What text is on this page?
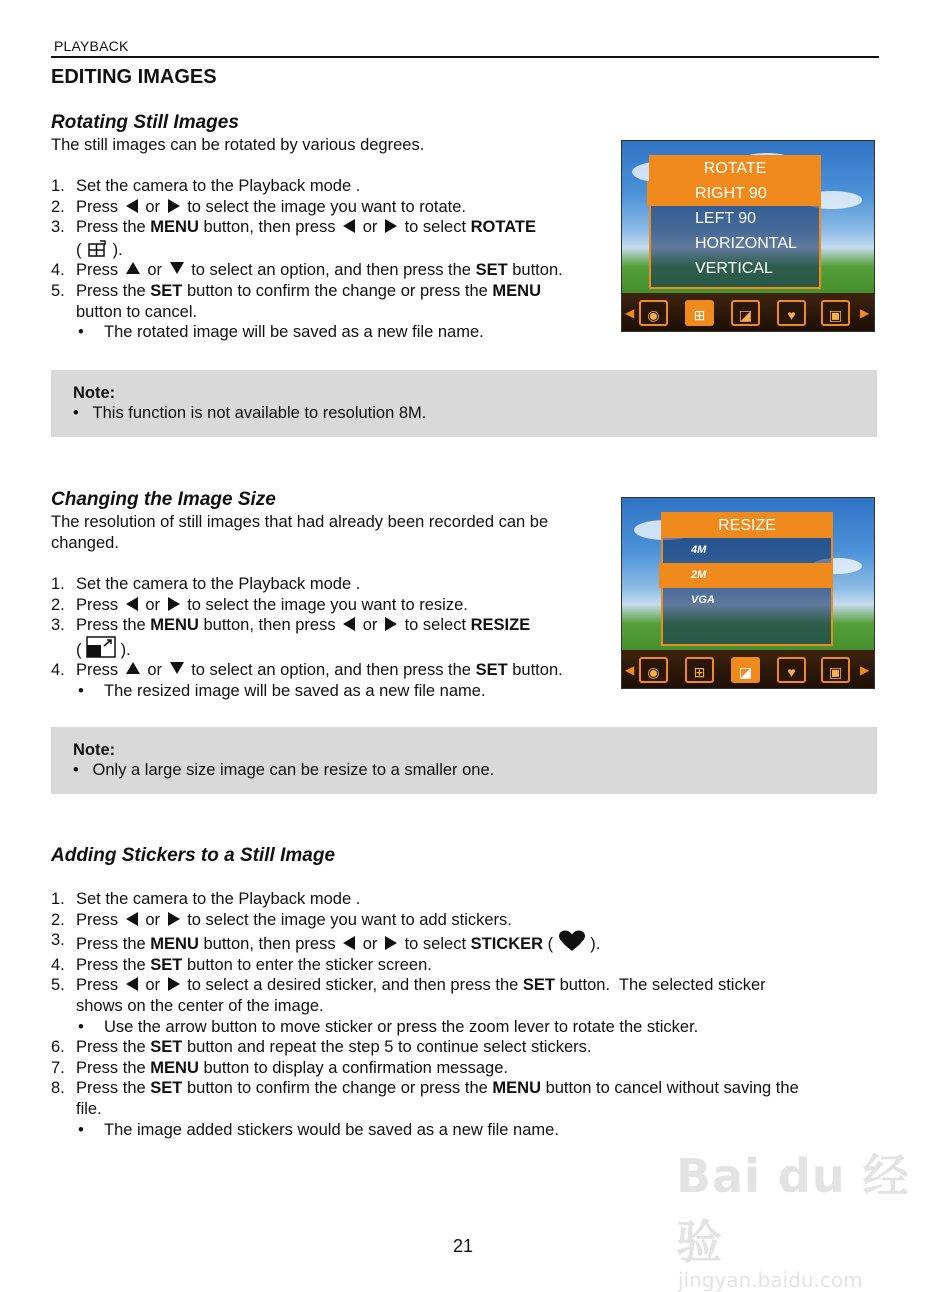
PLAYBACK
EDITING IMAGES
Rotating Still Images
The still images can be rotated by various degrees.
1. Set the camera to the Playback mode .
2. Press  or  to select the image you want to rotate.
3. Press the MENU button, then press  or  to select ROTATE
(  ).
4. Press  or  to select an option, and then press the SET button.
5. Press the SET button to confirm the change or press the MENU
button to cancel.
• The rotated image will be saved as a new file name.
ROTATE
RIGHT 90
LEFT 90
HORIZONTAL
VERTICAL
◀ ◉	⊞	◪	♥	▣	▶
Note:
•   This function is not available to resolution 8M.
Changing the Image Size
The resolution of still images that had already been recorded can be
changed.
1. Set the camera to the Playback mode .
2. Press  or  to select the image you want to resize.
3. Press the MENU button, then press  or  to select RESIZE
(  ).
4. Press  or  to select an option, and then press the SET button.
• The resized image will be saved as a new file name.
RESIZE
4M
2M
VGA
◀ ◉	⊞	◪	♥	▣	▶
Note:
•   Only a large size image can be resize to a smaller one.
Adding Stickers to a Still Image
1. Set the camera to the Playback mode .
2. Press  or  to select the image you want to add stickers.
3. Press the MENU button, then press  or  to select STICKER (  ).
4. Press the SET button to enter the sticker screen.
5. Press  or  to select a desired sticker, and then press the SET button.  The selected sticker
shows on the center of the image.
• Use the arrow button to move sticker or press the zoom lever to rotate the sticker.
6. Press the SET button and repeat the step 5 to continue select stickers.
7. Press the MENU button to display a confirmation message.
8. Press the SET button to confirm the change or press the MENU button to cancel without saving the
file.
• The image added stickers would be saved as a new file name.
Bai du 经验
jingyan.baidu.com
21
